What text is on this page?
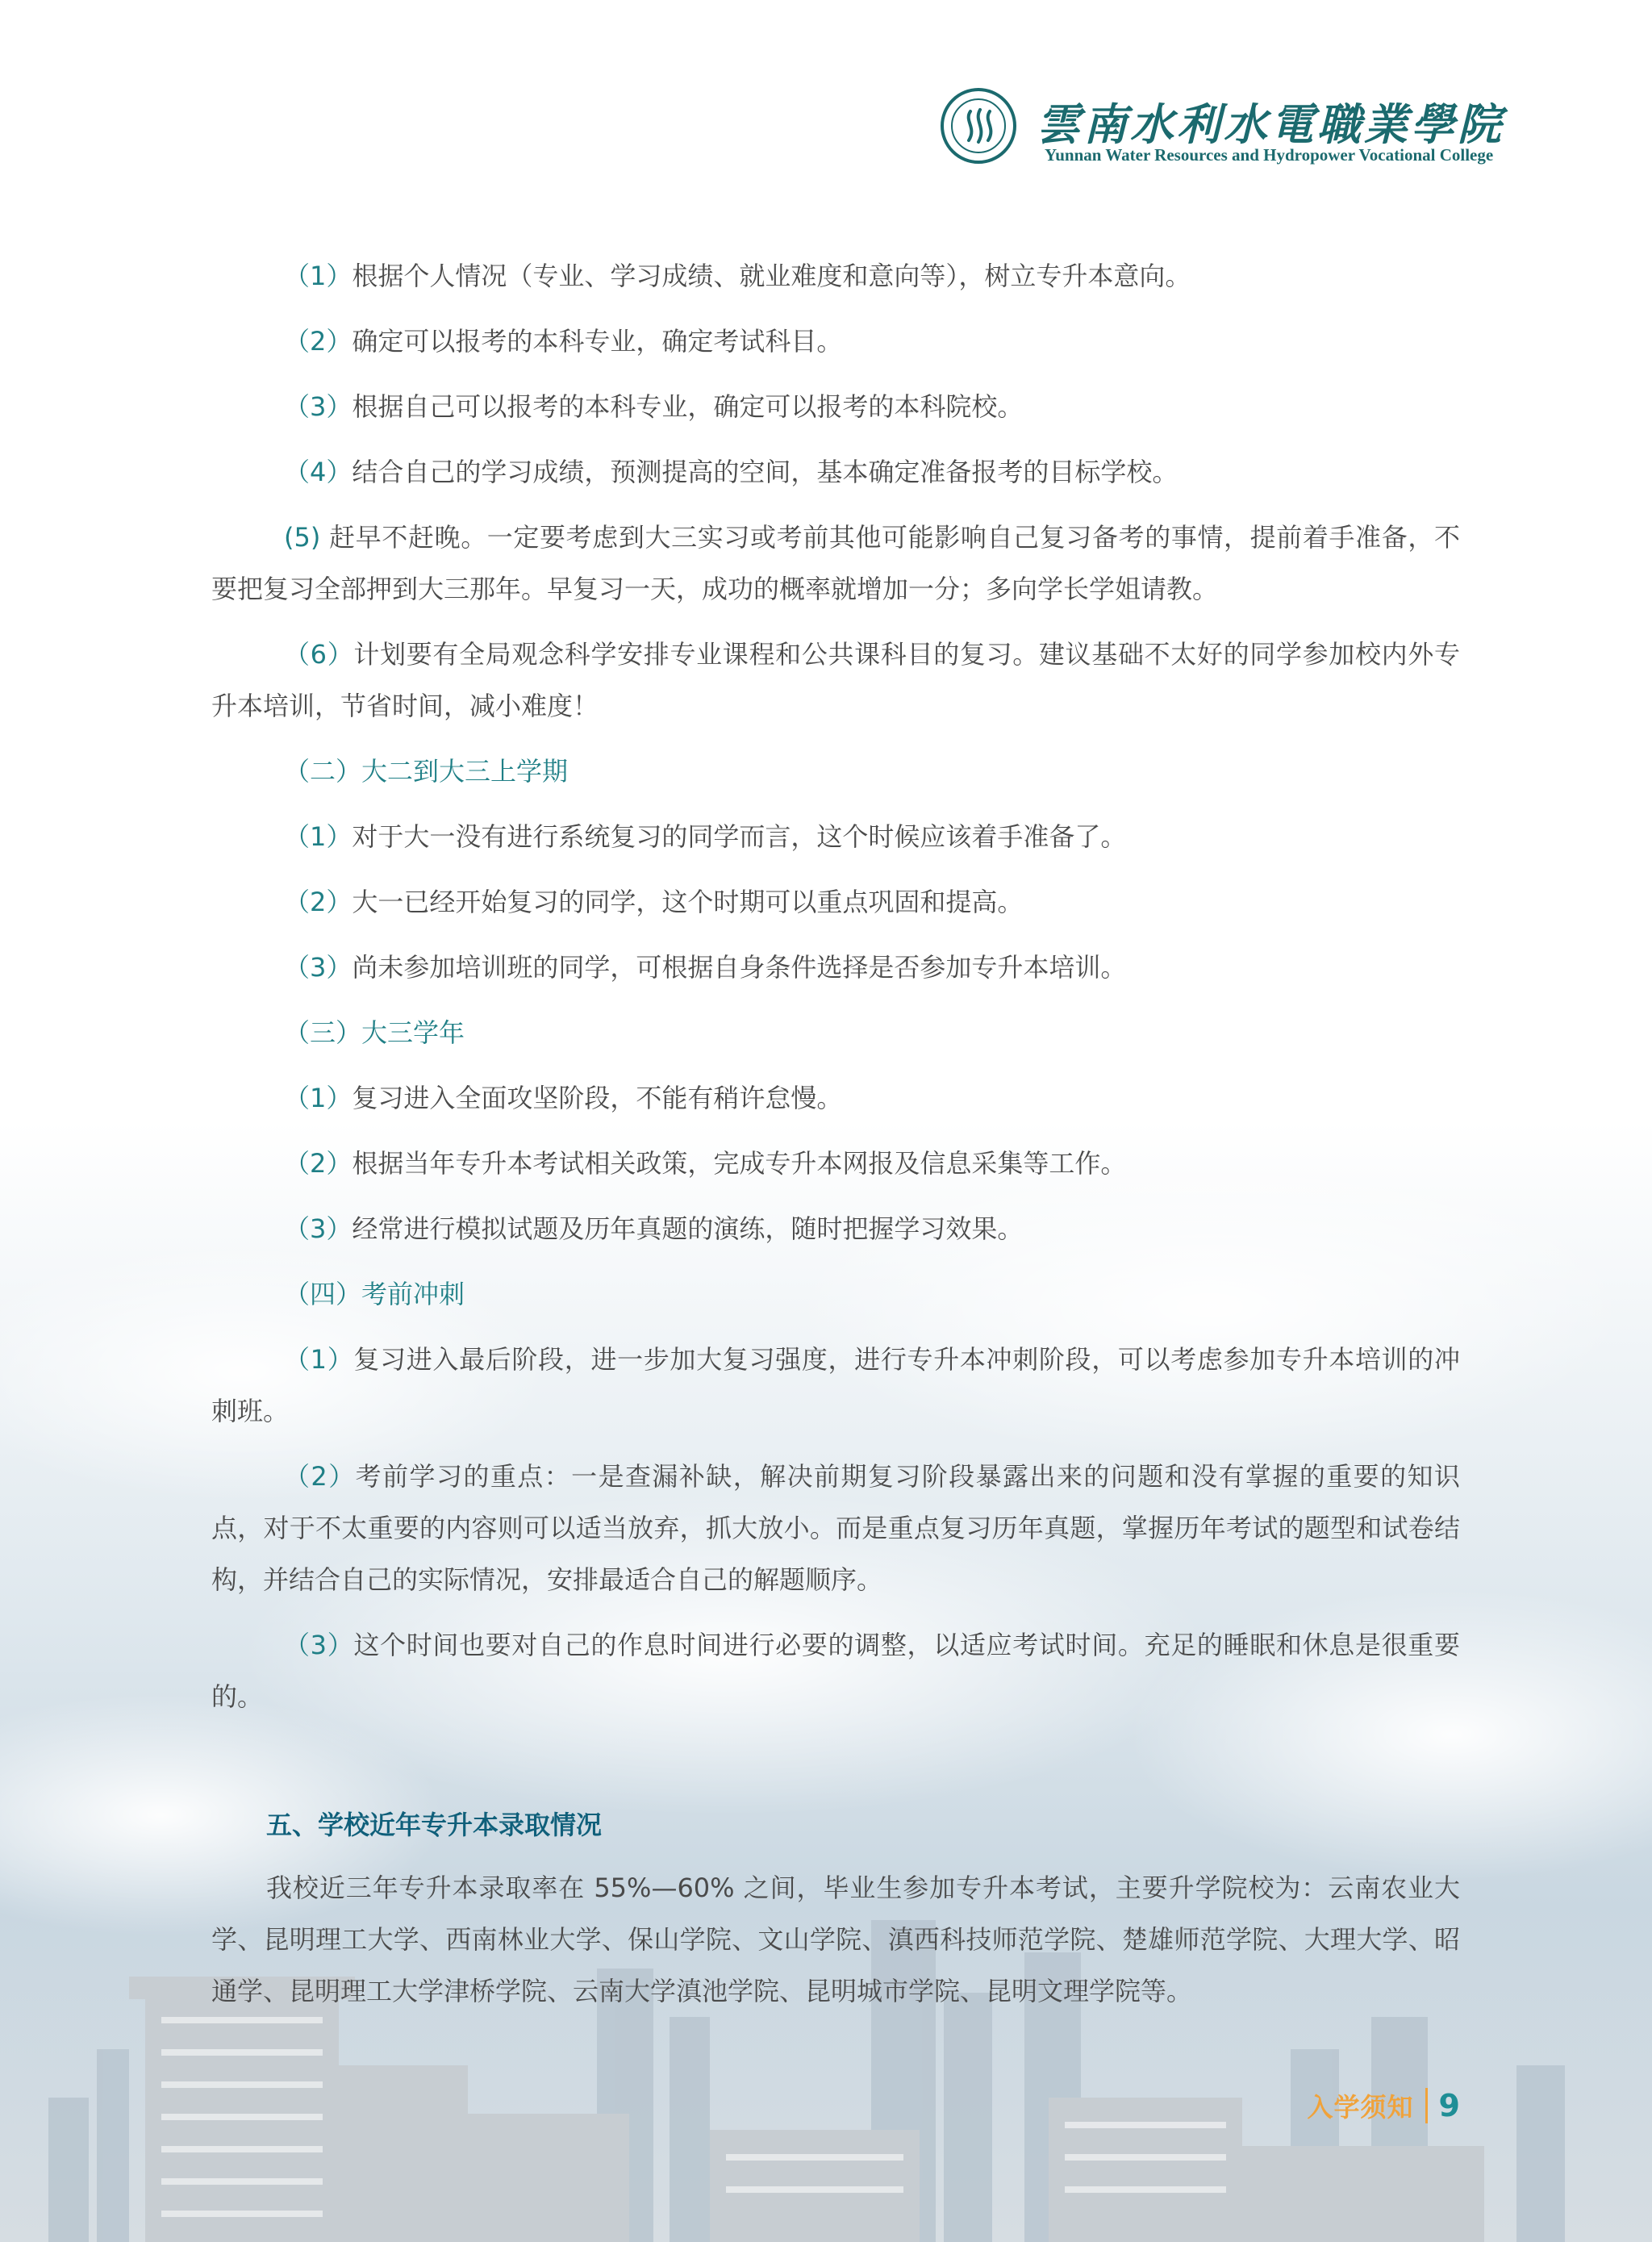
雲南水利水電職業學院
Yunnan Water Resources and Hydropower Vocational College

（1）根据个人情况（专业、学习成绩、就业难度和意向等），树立专升本意向。

（2）确定可以报考的本科专业，确定考试科目。

（3）根据自己可以报考的本科专业，确定可以报考的本科院校。

（4）结合自己的学习成绩，预测提高的空间，基本确定准备报考的目标学校。

(5) 赶早不赶晚。一定要考虑到大三实习或考前其他可能影响自己复习备考的事情，提前着手准备，不要把复习全部押到大三那年。早复习一天，成功的概率就增加一分；多向学长学姐请教。

（6）计划要有全局观念科学安排专业课程和公共课科目的复习。建议基础不太好的同学参加校内外专升本培训，节省时间，减小难度！

（二）大二到大三上学期

（1）对于大一没有进行系统复习的同学而言，这个时候应该着手准备了。

（2）大一已经开始复习的同学，这个时期可以重点巩固和提高。

（3）尚未参加培训班的同学，可根据自身条件选择是否参加专升本培训。

（三）大三学年

（1）复习进入全面攻坚阶段，不能有稍许怠慢。

（2）根据当年专升本考试相关政策，完成专升本网报及信息采集等工作。

（3）经常进行模拟试题及历年真题的演练，随时把握学习效果。

（四）考前冲刺

（1）复习进入最后阶段，进一步加大复习强度，进行专升本冲刺阶段，可以考虑参加专升本培训的冲刺班。

（2）考前学习的重点：一是查漏补缺，解决前期复习阶段暴露出来的问题和没有掌握的重要的知识点，对于不太重要的内容则可以适当放弃，抓大放小。而是重点复习历年真题，掌握历年考试的题型和试卷结构，并结合自己的实际情况，安排最适合自己的解题顺序。

（3）这个时间也要对自己的作息时间进行必要的调整，以适应考试时间。充足的睡眠和休息是很重要的。

五、学校近年专升本录取情况
我校近三年专升本录取率在 55%—60% 之间，毕业生参加专升本考试，主要升学院校为：云南农业大学、昆明理工大学、西南林业大学、保山学院、文山学院、滇西科技师范学院、楚雄师范学院、大理大学、昭通学、昆明理工大学津桥学院、云南大学滇池学院、昆明城市学院、昆明文理学院等。
入学须知 9
